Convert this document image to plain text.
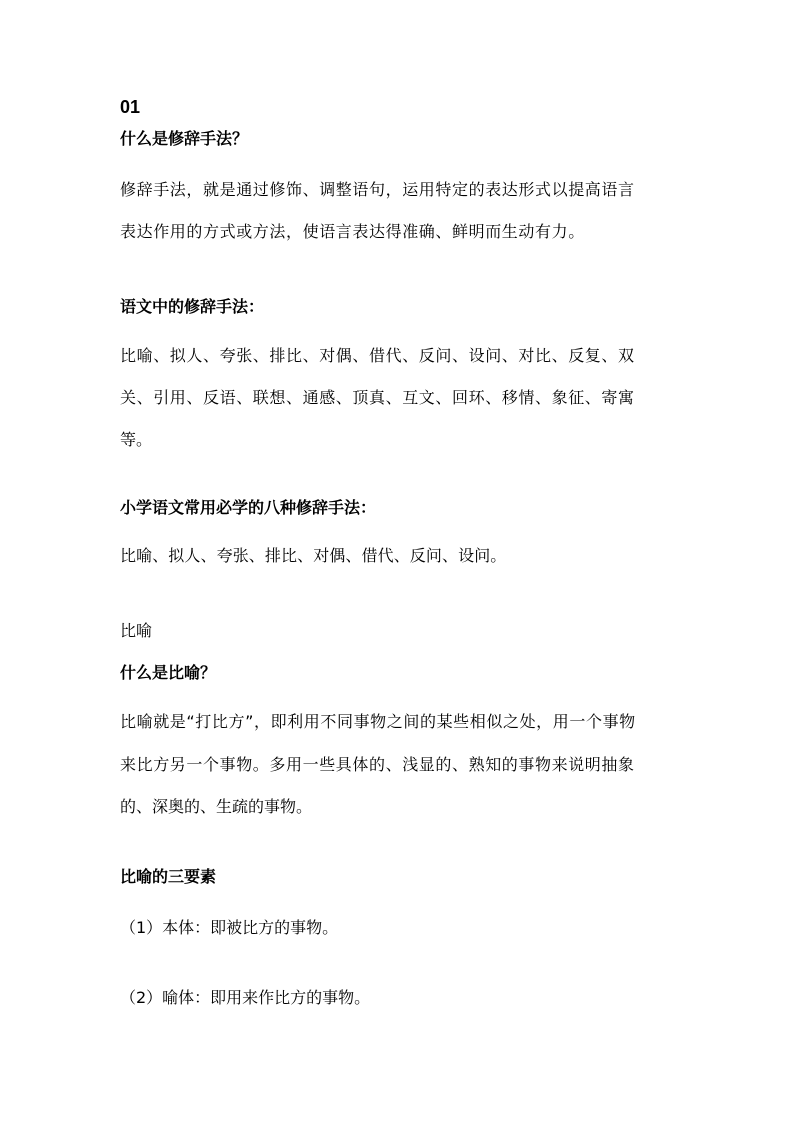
01

什么是修辞手法？

修辞手法，就是通过修饰、调整语句，运用特定的表达形式以提高语言

表达作用的方式或方法，使语言表达得准确、鲜明而生动有力。

语文中的修辞手法：

比喻、拟人、夸张、排比、对偶、借代、反问、设问、对比、反复、双

关、引用、反语、联想、通感、顶真、互文、回环、移情、象征、寄寓

等。

小学语文常用必学的八种修辞手法：

比喻、拟人、夸张、排比、对偶、借代、反问、设问。

比喻

什么是比喻？

比喻就是“打比方”，即利用不同事物之间的某些相似之处，用一个事物

来比方另一个事物。多用一些具体的、浅显的、熟知的事物来说明抽象

的、深奥的、生疏的事物。

比喻的三要素

（1）本体：即被比方的事物。

（2）喻体：即用来作比方的事物。
